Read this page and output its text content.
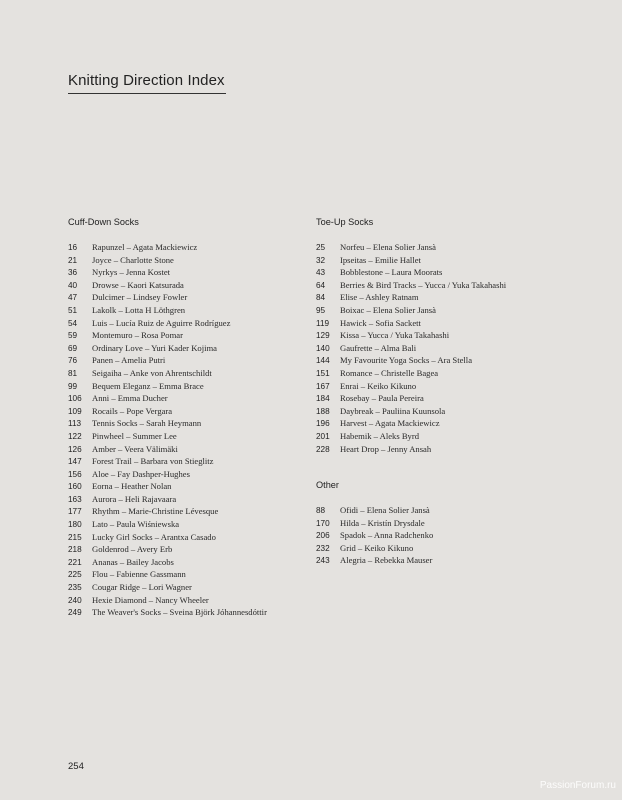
Knitting Direction Index
Cuff-Down Socks
16 Rapunzel – Agata Mackiewicz
21 Joyce – Charlotte Stone
36 Nyrkys – Jenna Kostet
40 Drowse – Kaori Katsurada
47 Dulcimer – Lindsey Fowler
51 Lakolk – Lotta H Löthgren
54 Luis – Lucía Ruiz de Aguirre Rodríguez
59 Montemuro – Rosa Pomar
69 Ordinary Love – Yuri Kader Kojima
76 Panen – Amelia Putri
81 Seigaiha – Anke von Ahrentschildt
99 Bequem Eleganz – Emma Brace
106 Anni – Emma Ducher
109 Rocails – Pope Vergara
113 Tennis Socks – Sarah Heymann
122 Pinwheel – Summer Lee
126 Amber – Veera Välimäki
147 Forest Trail – Barbara von Stieglitz
156 Aloe – Fay Dashper-Hughes
160 Eorna – Heather Nolan
163 Aurora – Heli Rajavaara
177 Rhythm – Marie-Christine Lévesque
180 Lato – Paula Wiśniewska
215 Lucky Girl Socks – Arantxa Casado
218 Goldenrod – Avery Erb
221 Ananas – Bailey Jacobs
225 Flou – Fabienne Gassmann
235 Cougar Ridge – Lori Wagner
240 Hexie Diamond – Nancy Wheeler
249 The Weaver's Socks – Sveina Björk Jóhannesdóttir
Toe-Up Socks
25 Norfeu – Elena Solier Jansà
32 Ipseitas – Emilie Hallet
43 Bobblestone – Laura Moorats
64 Berries & Bird Tracks – Yucca / Yuka Takahashi
84 Elise – Ashley Ratnam
95 Boixac – Elena Solier Jansà
119 Hawick – Sofia Sackett
129 Kissa – Yucca / Yuka Takahashi
140 Gaufrette – Alma Bali
144 My Favourite Yoga Socks – Ara Stella
151 Romance – Christelle Bagea
167 Enrai – Keiko Kikuno
184 Rosebay – Paula Pereira
188 Daybreak – Pauliina Kuunsola
196 Harvest – Agata Mackiewicz
201 Habemik – Aleks Byrd
228 Heart Drop – Jenny Ansah
Other
88 Ofidi – Elena Solier Jansà
170 Hilda – Kristín Drysdale
206 Spadok – Anna Radchenko
232 Grid – Keiko Kikuno
243 Alegria – Rebekka Mauser
254
PassionForum.ru
